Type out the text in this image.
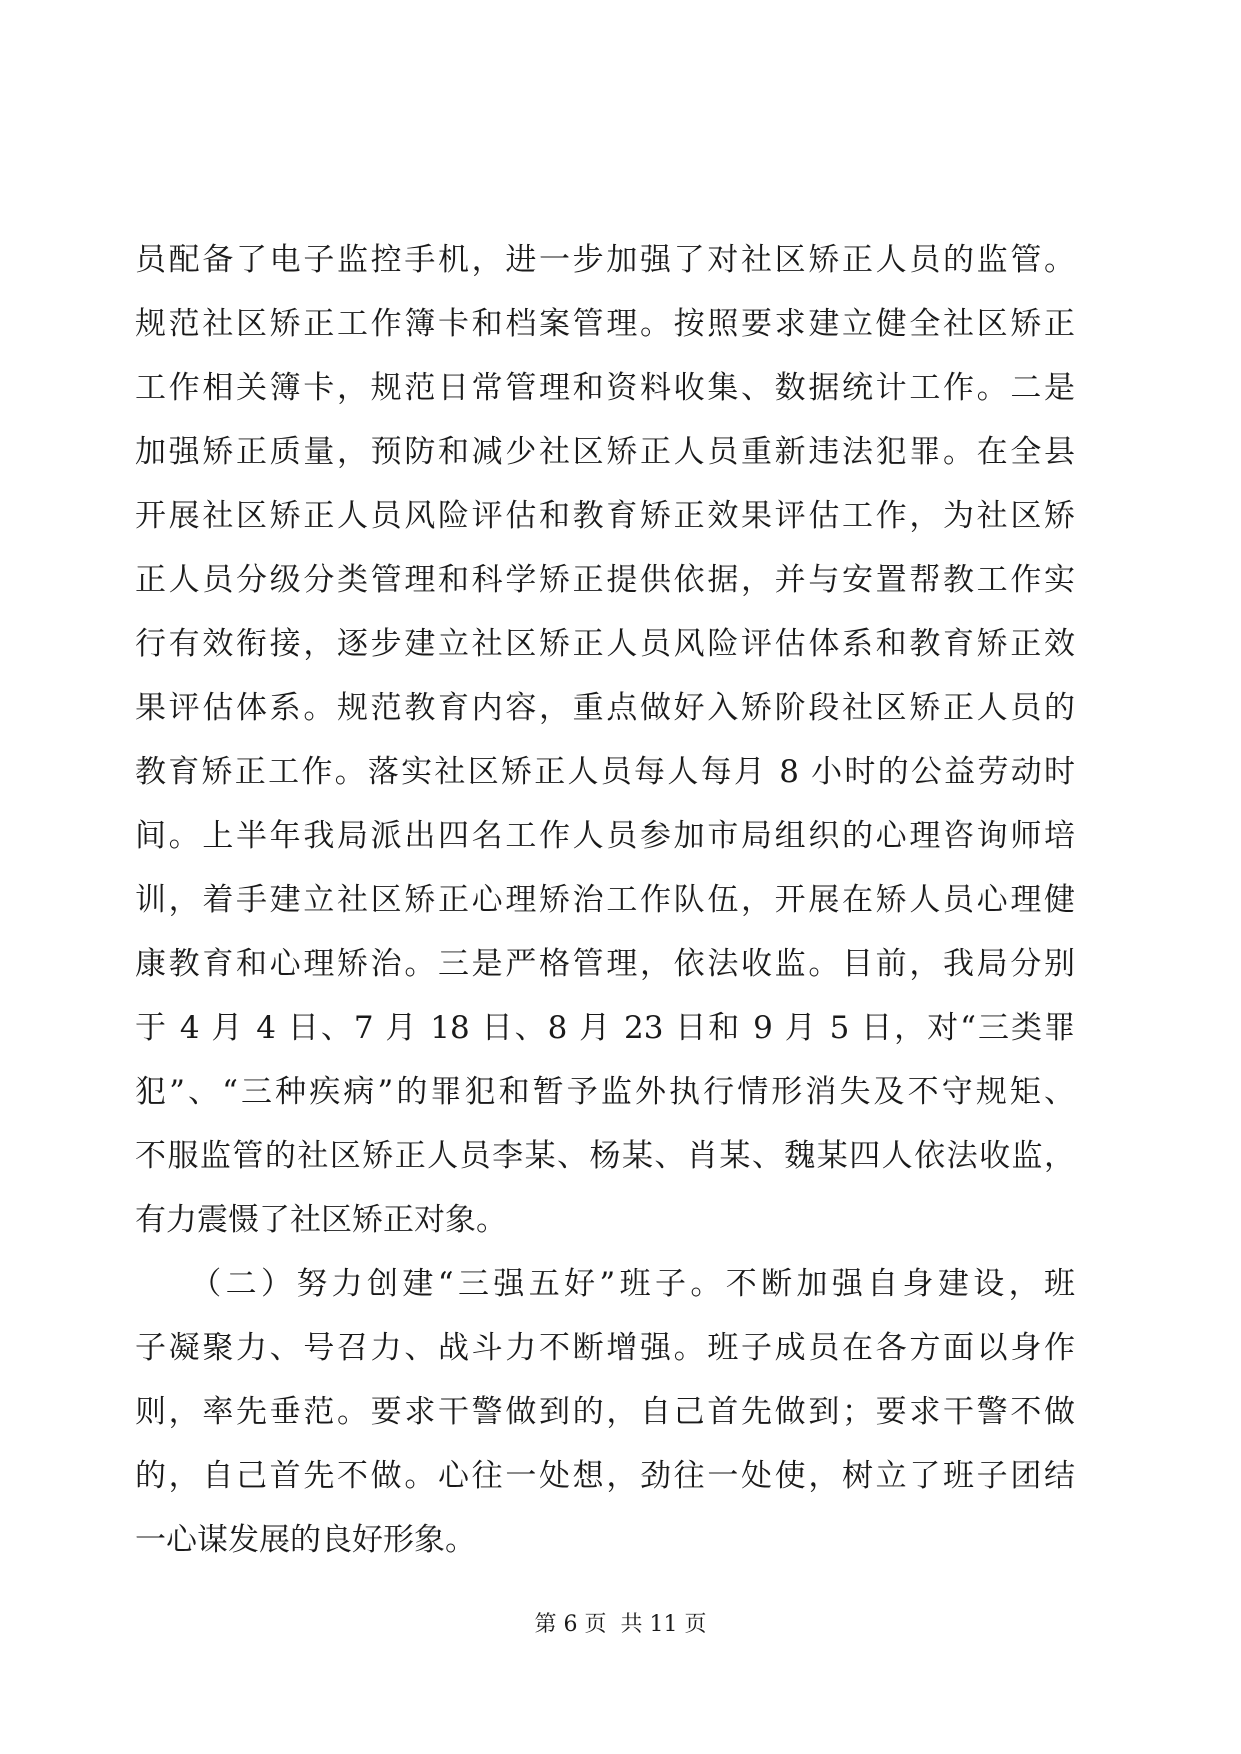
员配备了电子监控手机，进一步加强了对社区矫正人员的监管。
规范社区矫正工作簿卡和档案管理。按照要求建立健全社区矫正
工作相关簿卡，规范日常管理和资料收集、数据统计工作。二是
加强矫正质量，预防和减少社区矫正人员重新违法犯罪。在全县
开展社区矫正人员风险评估和教育矫正效果评估工作，为社区矫
正人员分级分类管理和科学矫正提供依据，并与安置帮教工作实
行有效衔接，逐步建立社区矫正人员风险评估体系和教育矫正效
果评估体系。规范教育内容，重点做好入矫阶段社区矫正人员的
教育矫正工作。落实社区矫正人员每人每月 8 小时的公益劳动时
间。上半年我局派出四名工作人员参加市局组织的心理咨询师培
训，着手建立社区矫正心理矫治工作队伍，开展在矫人员心理健
康教育和心理矫治。三是严格管理，依法收监。目前，我局分别
于 4 月 4 日、7 月 18 日、8 月 23 日和 9 月 5 日，对“三类罪
犯”、“三种疾病”的罪犯和暂予监外执行情形消失及不守规矩、
不服监管的社区矫正人员李某、杨某、肖某、魏某四人依法收监，
有力震慑了社区矫正对象。
　　（二）努力创建“三强五好”班子。不断加强自身建设，班
子凝聚力、号召力、战斗力不断增强。班子成员在各方面以身作
则，率先垂范。要求干警做到的，自己首先做到；要求干警不做
的，自己首先不做。心往一处想，劲往一处使，树立了班子团结
一心谋发展的良好形象。
第 6 页 共 11 页
